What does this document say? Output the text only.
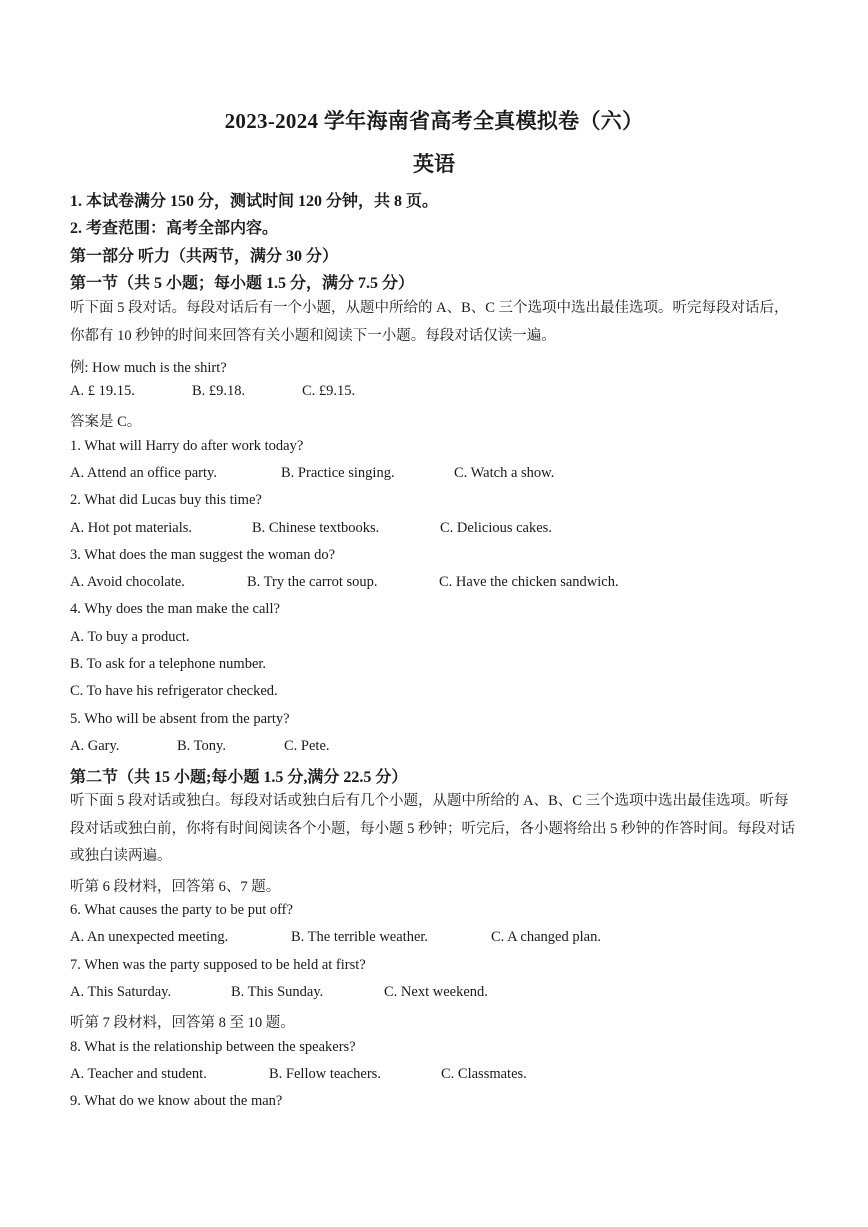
2023-2024 学年海南省高考全真模拟卷（六）
英语
1. 本试卷满分 150 分，测试时间 120 分钟，共 8 页。
2. 考查范围：高考全部内容。
第一部分 听力（共两节，满分 30 分）
第一节（共 5 小题；每小题 1.5 分，满分 7.5 分）
听下面 5 段对话。每段对话后有一个小题，从题中所给的 A、B、C 三个选项中选出最佳选项。听完每段对话后，你都有 10 秒钟的时间来回答有关小题和阅读下一小题。每段对话仅读一遍。
例: How much is the shirt?
A. £ 19.15.	B. £9.18.	C. £9.15.
答案是 C。
1. What will Harry do after work today?
A. Attend an office party.	B. Practice singing.	C. Watch a show.
2. What did Lucas buy this time?
A. Hot pot materials.	B. Chinese textbooks.	C. Delicious cakes.
3. What does the man suggest the woman do?
A. Avoid chocolate.	B. Try the carrot soup.	C. Have the chicken sandwich.
4. Why does the man make the call?
A. To buy a product.
B. To ask for a telephone number.
C. To have his refrigerator checked.
5. Who will be absent from the party?
A. Gary.	B. Tony.	C. Pete.
第二节（共 15 小题;每小题 1.5 分,满分 22.5 分）
听下面 5 段对话或独白。每段对话或独白后有几个小题，从题中所给的 A、B、C 三个选项中选出最佳选项。听每段对话或独白前，你将有时间阅读各个小题，每小题 5 秒钟；听完后，各小题将给出 5 秒钟的作答时间。每段对话或独白读两遍。
听第 6 段材料，回答第 6、7 题。
6. What causes the party to be put off?
A. An unexpected meeting.	B. The terrible weather.	C. A changed plan.
7. When was the party supposed to be held at first?
A. This Saturday.	B. This Sunday.	C. Next weekend.
听第 7 段材料，回答第 8 至 10 题。
8. What is the relationship between the speakers?
A. Teacher and student.	B. Fellow teachers.	C. Classmates.
9. What do we know about the man?
